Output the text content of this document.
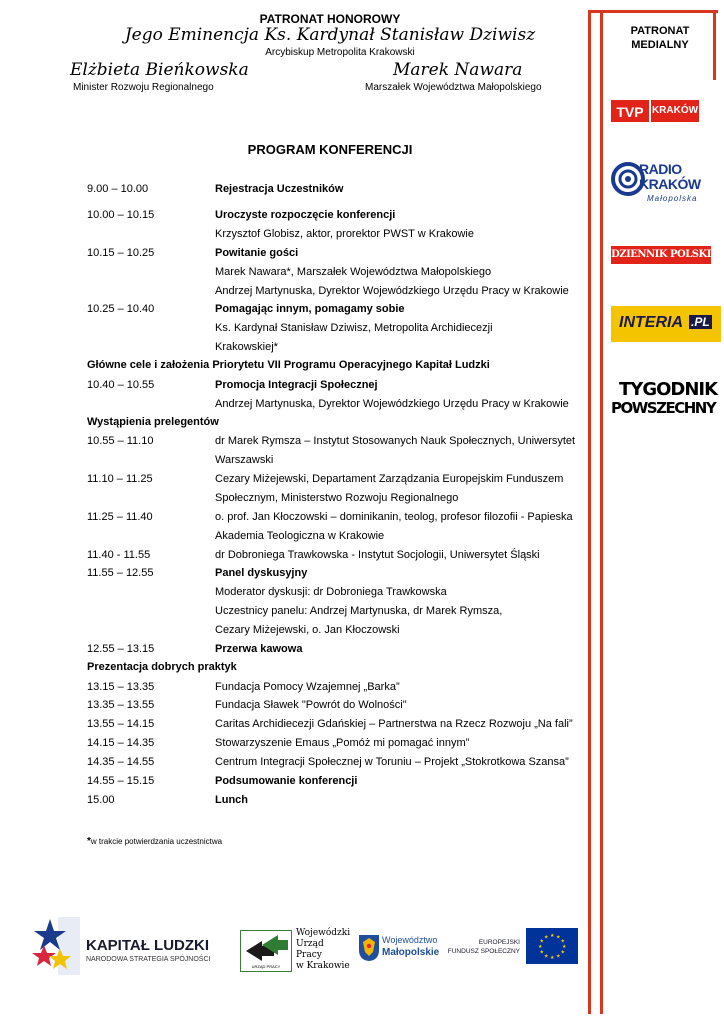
PATRONAT HONOROWY
Jego Eminencja Ks. Kardynał Stanisław Dziwisz
Arcybiskup Metropolita Krakowski
Elżbieta Bieńkowska
Minister Rozwoju Regionalnego
Marek Nawara
Marszałek Województwa Małopolskiego
PATRONAT
MEDIALNY
TVP KRAKÓW
RADIO
KRAKÓW
Małopolska
DZIENNIK POLSKI
INTERIA .PL
TYGODNIK
POWSZECHNY
PROGRAM KONFERENCJI
9.00 – 10.00	Rejestracja Uczestników
10.00 – 10.15	Uroczyste rozpoczęcie konferencji
Krzysztof Globisz, aktor, prorektor PWST w Krakowie
10.15 – 10.25	Powitanie gości
Marek Nawara*, Marszałek Województwa Małopolskiego
Andrzej Martynuska, Dyrektor Wojewódzkiego Urzędu Pracy w Krakowie
10.25 – 10.40	Pomagając innym, pomagamy sobie
Ks. Kardynał Stanisław Dziwisz, Metropolita Archidiecezji
Krakowskiej*
Główne cele i założenia Priorytetu VII Programu Operacyjnego Kapitał Ludzki
10.40 – 10.55	Promocja Integracji Społecznej
Andrzej Martynuska, Dyrektor Wojewódzkiego Urzędu Pracy w Krakowie
Wystąpienia prelegentów
10.55 – 11.10	dr Marek Rymsza – Instytut Stosowanych Nauk Społecznych, Uniwersytet
Warszawski
11.10 – 11.25	Cezary Miżejewski, Departament Zarządzania Europejskim Funduszem
Społecznym, Ministerstwo Rozwoju Regionalnego
11.25 – 11.40	o. prof. Jan Kłoczowski – dominikanin, teolog, profesor filozofii - Papieska
Akademia Teologiczna w Krakowie
11.40 - 11.55	dr Dobroniega Trawkowska - Instytut Socjologii, Uniwersytet Śląski
11.55 – 12.55	Panel dyskusyjny
Moderator dyskusji: dr Dobroniega Trawkowska
Uczestnicy panelu: Andrzej Martynuska, dr Marek Rymsza,
Cezary Miżejewski, o. Jan Kłoczowski
12.55 – 13.15	Przerwa kawowa
Prezentacja dobrych praktyk
13.15 – 13.35	Fundacja Pomocy Wzajemnej „Barka”
13.35 – 13.55	Fundacja Sławek "Powrót do Wolności"
13.55 – 14.15	Caritas Archidiecezji Gdańskiej – Partnerstwa na Rzecz Rozwoju „Na fali”
14.15 – 14.35	Stowarzyszenie Emaus „Pomóż mi pomagać innym”
14.35 – 14.55	Centrum Integracji Społecznej w Toruniu – Projekt „Stokrotkowa Szansa”
14.55 – 15.15	Podsumowanie konferencji
15.00	Lunch
*w trakcie potwierdzania uczestnictwa
KAPITAŁ LUDZKI
NARODOWA STRATEGIA SPÓJNOŚCI
URZĄD PRACY
Wojewódzki
Urząd
Pracy
w Krakowie
Województwo
Małopolskie
EUROPEJSKI
FUNDUSZ SPOŁECZNY
★ ★
★
★
★
★
★
★
★
★
★
★
